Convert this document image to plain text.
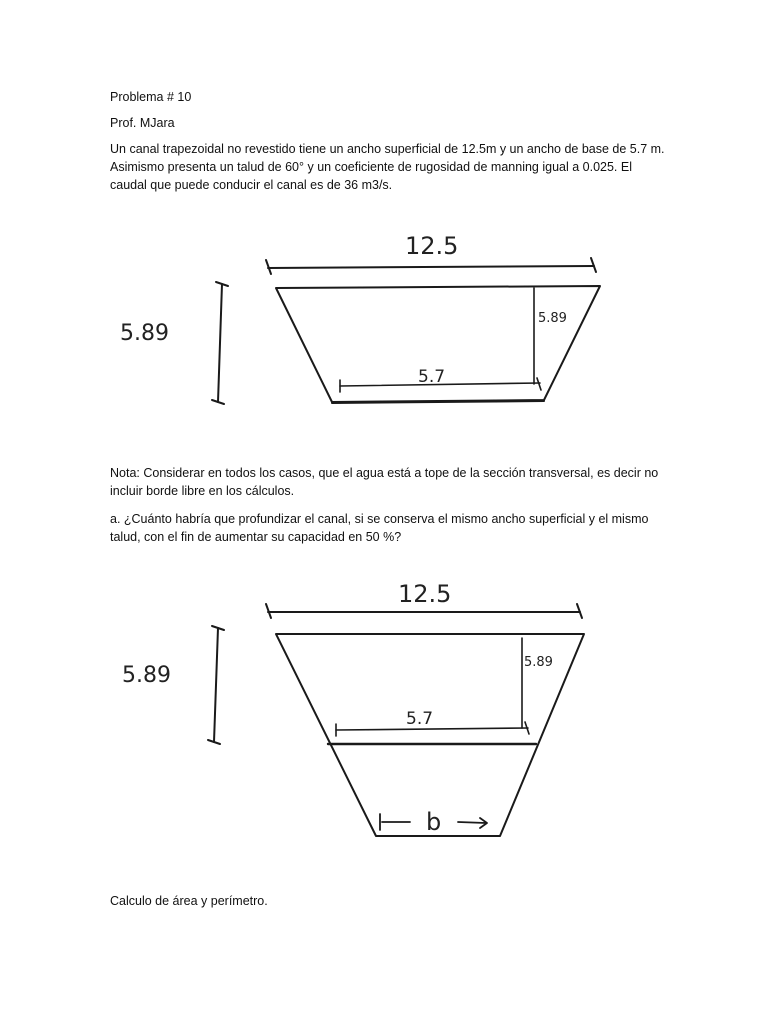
Problema # 10

Prof. MJara

Un canal trapezoidal no revestido tiene un ancho superficial de 12.5m y un ancho de base de 5.7 m. Asimismo presenta un talud de 60° y un coeficiente de rugosidad de manning igual a 0.025. El caudal que puede conducir el canal es de 36 m3/s.

12.5
5.89
5.89
5.7

Nota: Considerar en todos los casos, que el agua está a tope de la sección transversal, es decir no incluir borde libre en los cálculos.

a. ¿Cuánto habría que profundizar el canal, si se conserva el mismo ancho superficial y el mismo talud, con el fin de aumentar su capacidad en 50 %?

12.5
5.89
5.89
5.7
b

Calculo de área y perímetro.
